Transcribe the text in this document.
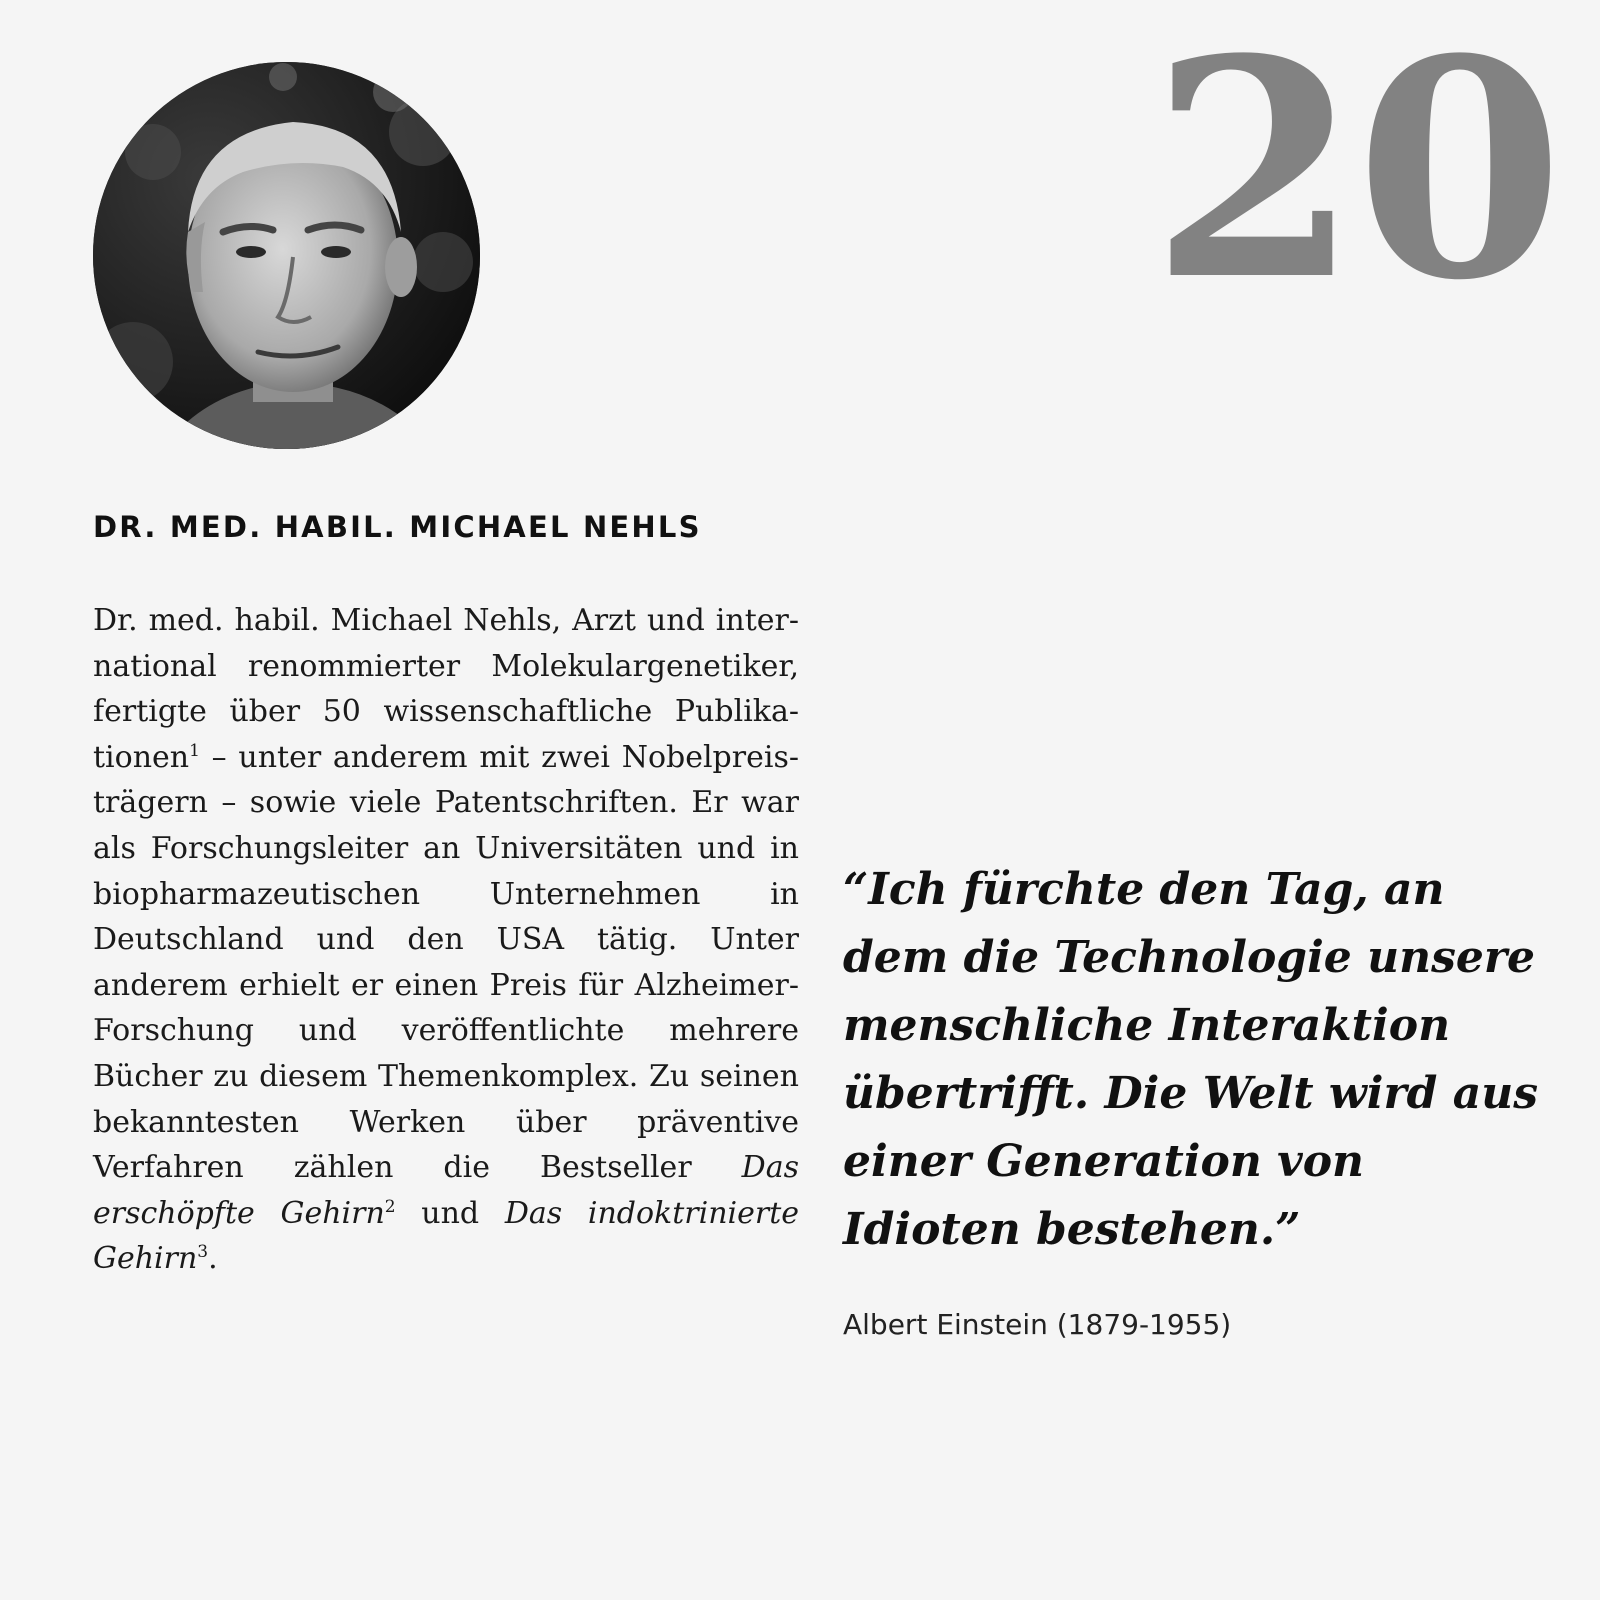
20
DR. MED. HABIL. MICHAEL NEHLS

Dr. med. habil. Michael Nehls, Arzt und international renommierter Molekulargenetiker, fertigte über 50 wissenschaftliche Publikationen$^1$ – unter anderem mit zwei Nobelpreisträgern – sowie viele Patentschriften. Er war als Forschungsleiter an Universitäten und in biopharmazeutischen Unternehmen in Deutschland und den USA tätig. Unter anderem erhielt er einen Preis für Alzheimer-Forschung und veröffentlichte mehrere Bücher zu diesem Themenkomplex. Zu seinen bekanntesten Werken über präventive Verfahren zählen die Bestseller Das erschöpfte Gehirn$^2$ und Das indoktrinierte Gehirn$^3$.

“Ich fürchte den Tag, an dem die Technologie unsere menschliche Interaktion übertrifft. Die Welt wird aus einer Generation von Idioten bestehen.”

Albert Einstein (1879-1955)
